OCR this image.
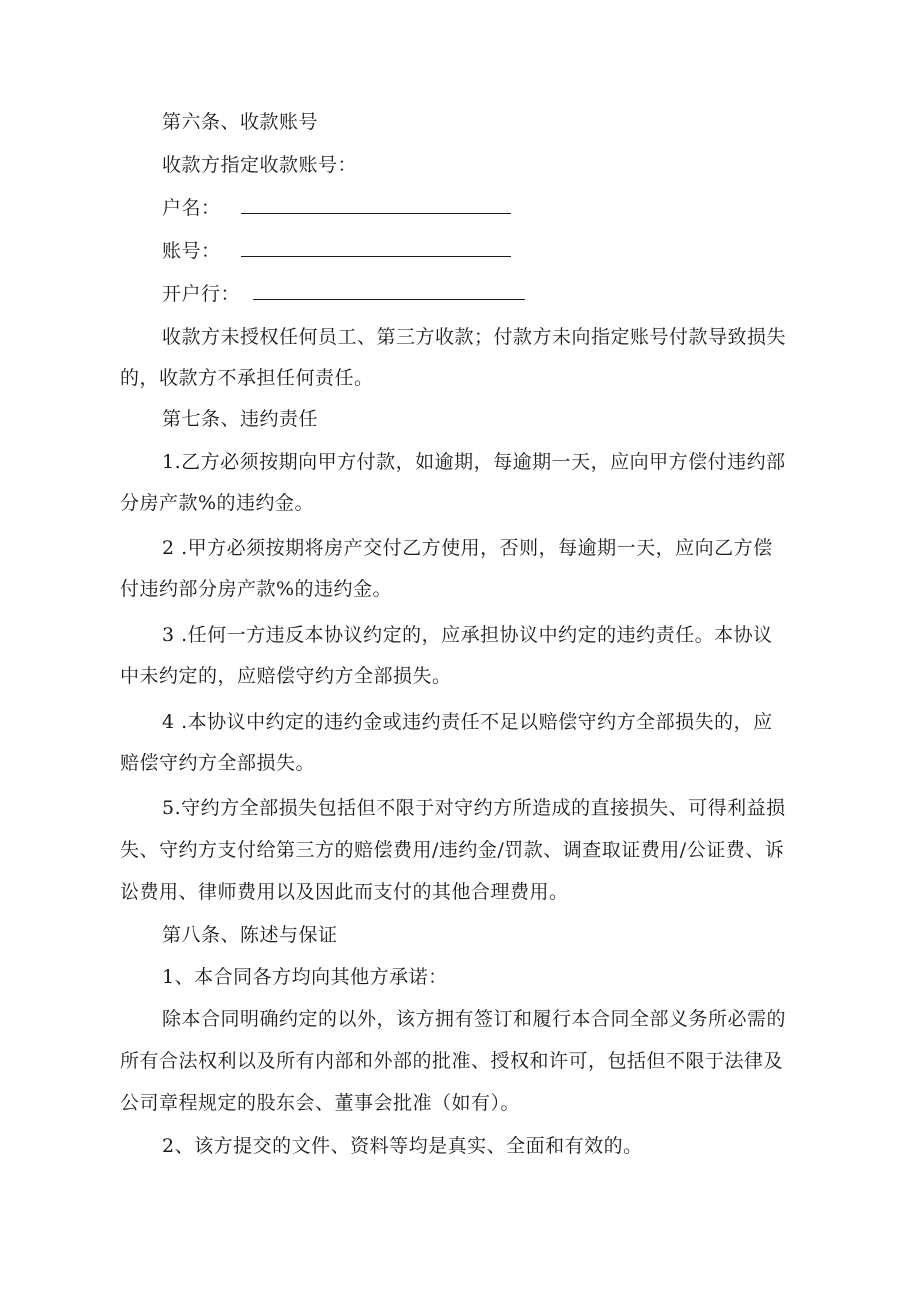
第六条、收款账号
收款方指定收款账号：
户名：
账号：
开户行：
收款方未授权任何员工、第三方收款；付款方未向指定账号付款导致损失
的，收款方不承担任何责任。
第七条、违约责任
1.乙方必须按期向甲方付款，如逾期，每逾期一天，应向甲方偿付违约部
分房产款%的违约金。
2 .甲方必须按期将房产交付乙方使用，否则，每逾期一天，应向乙方偿
付违约部分房产款%的违约金。
3 .任何一方违反本协议约定的，应承担协议中约定的违约责任。本协议
中未约定的，应赔偿守约方全部损失。
4 .本协议中约定的违约金或违约责任不足以赔偿守约方全部损失的，应
赔偿守约方全部损失。
5.守约方全部损失包括但不限于对守约方所造成的直接损失、可得利益损
失、守约方支付给第三方的赔偿费用/违约金/罚款、调查取证费用/公证费、诉
讼费用、律师费用以及因此而支付的其他合理费用。
第八条、陈述与保证
1、本合同各方均向其他方承诺：
除本合同明确约定的以外，该方拥有签订和履行本合同全部义务所必需的
所有合法权利以及所有内部和外部的批准、授权和许可，包括但不限于法律及
公司章程规定的股东会、董事会批准（如有）。
2、该方提交的文件、资料等均是真实、全面和有效的。
